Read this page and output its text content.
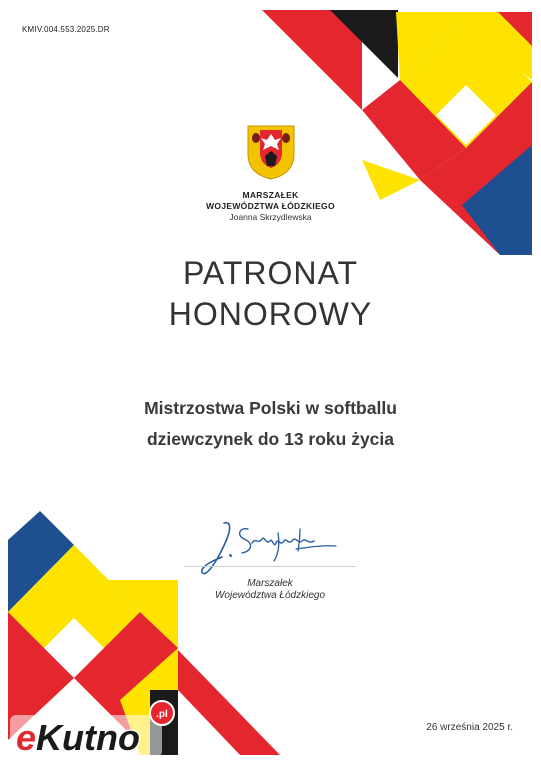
KMIV.004.553.2025.DR
MARSZAŁEK
WOJEWÓDZTWA ŁÓDZKIEGO
Joanna Skrzydlewska
PATRONAT
HONOROWY
Mistrzostwa Polski w softballu
dziewczynek do 13 roku życia
Marszałek
Województwa Łódzkiego
26 września 2025 r.
eKutno
.pl
